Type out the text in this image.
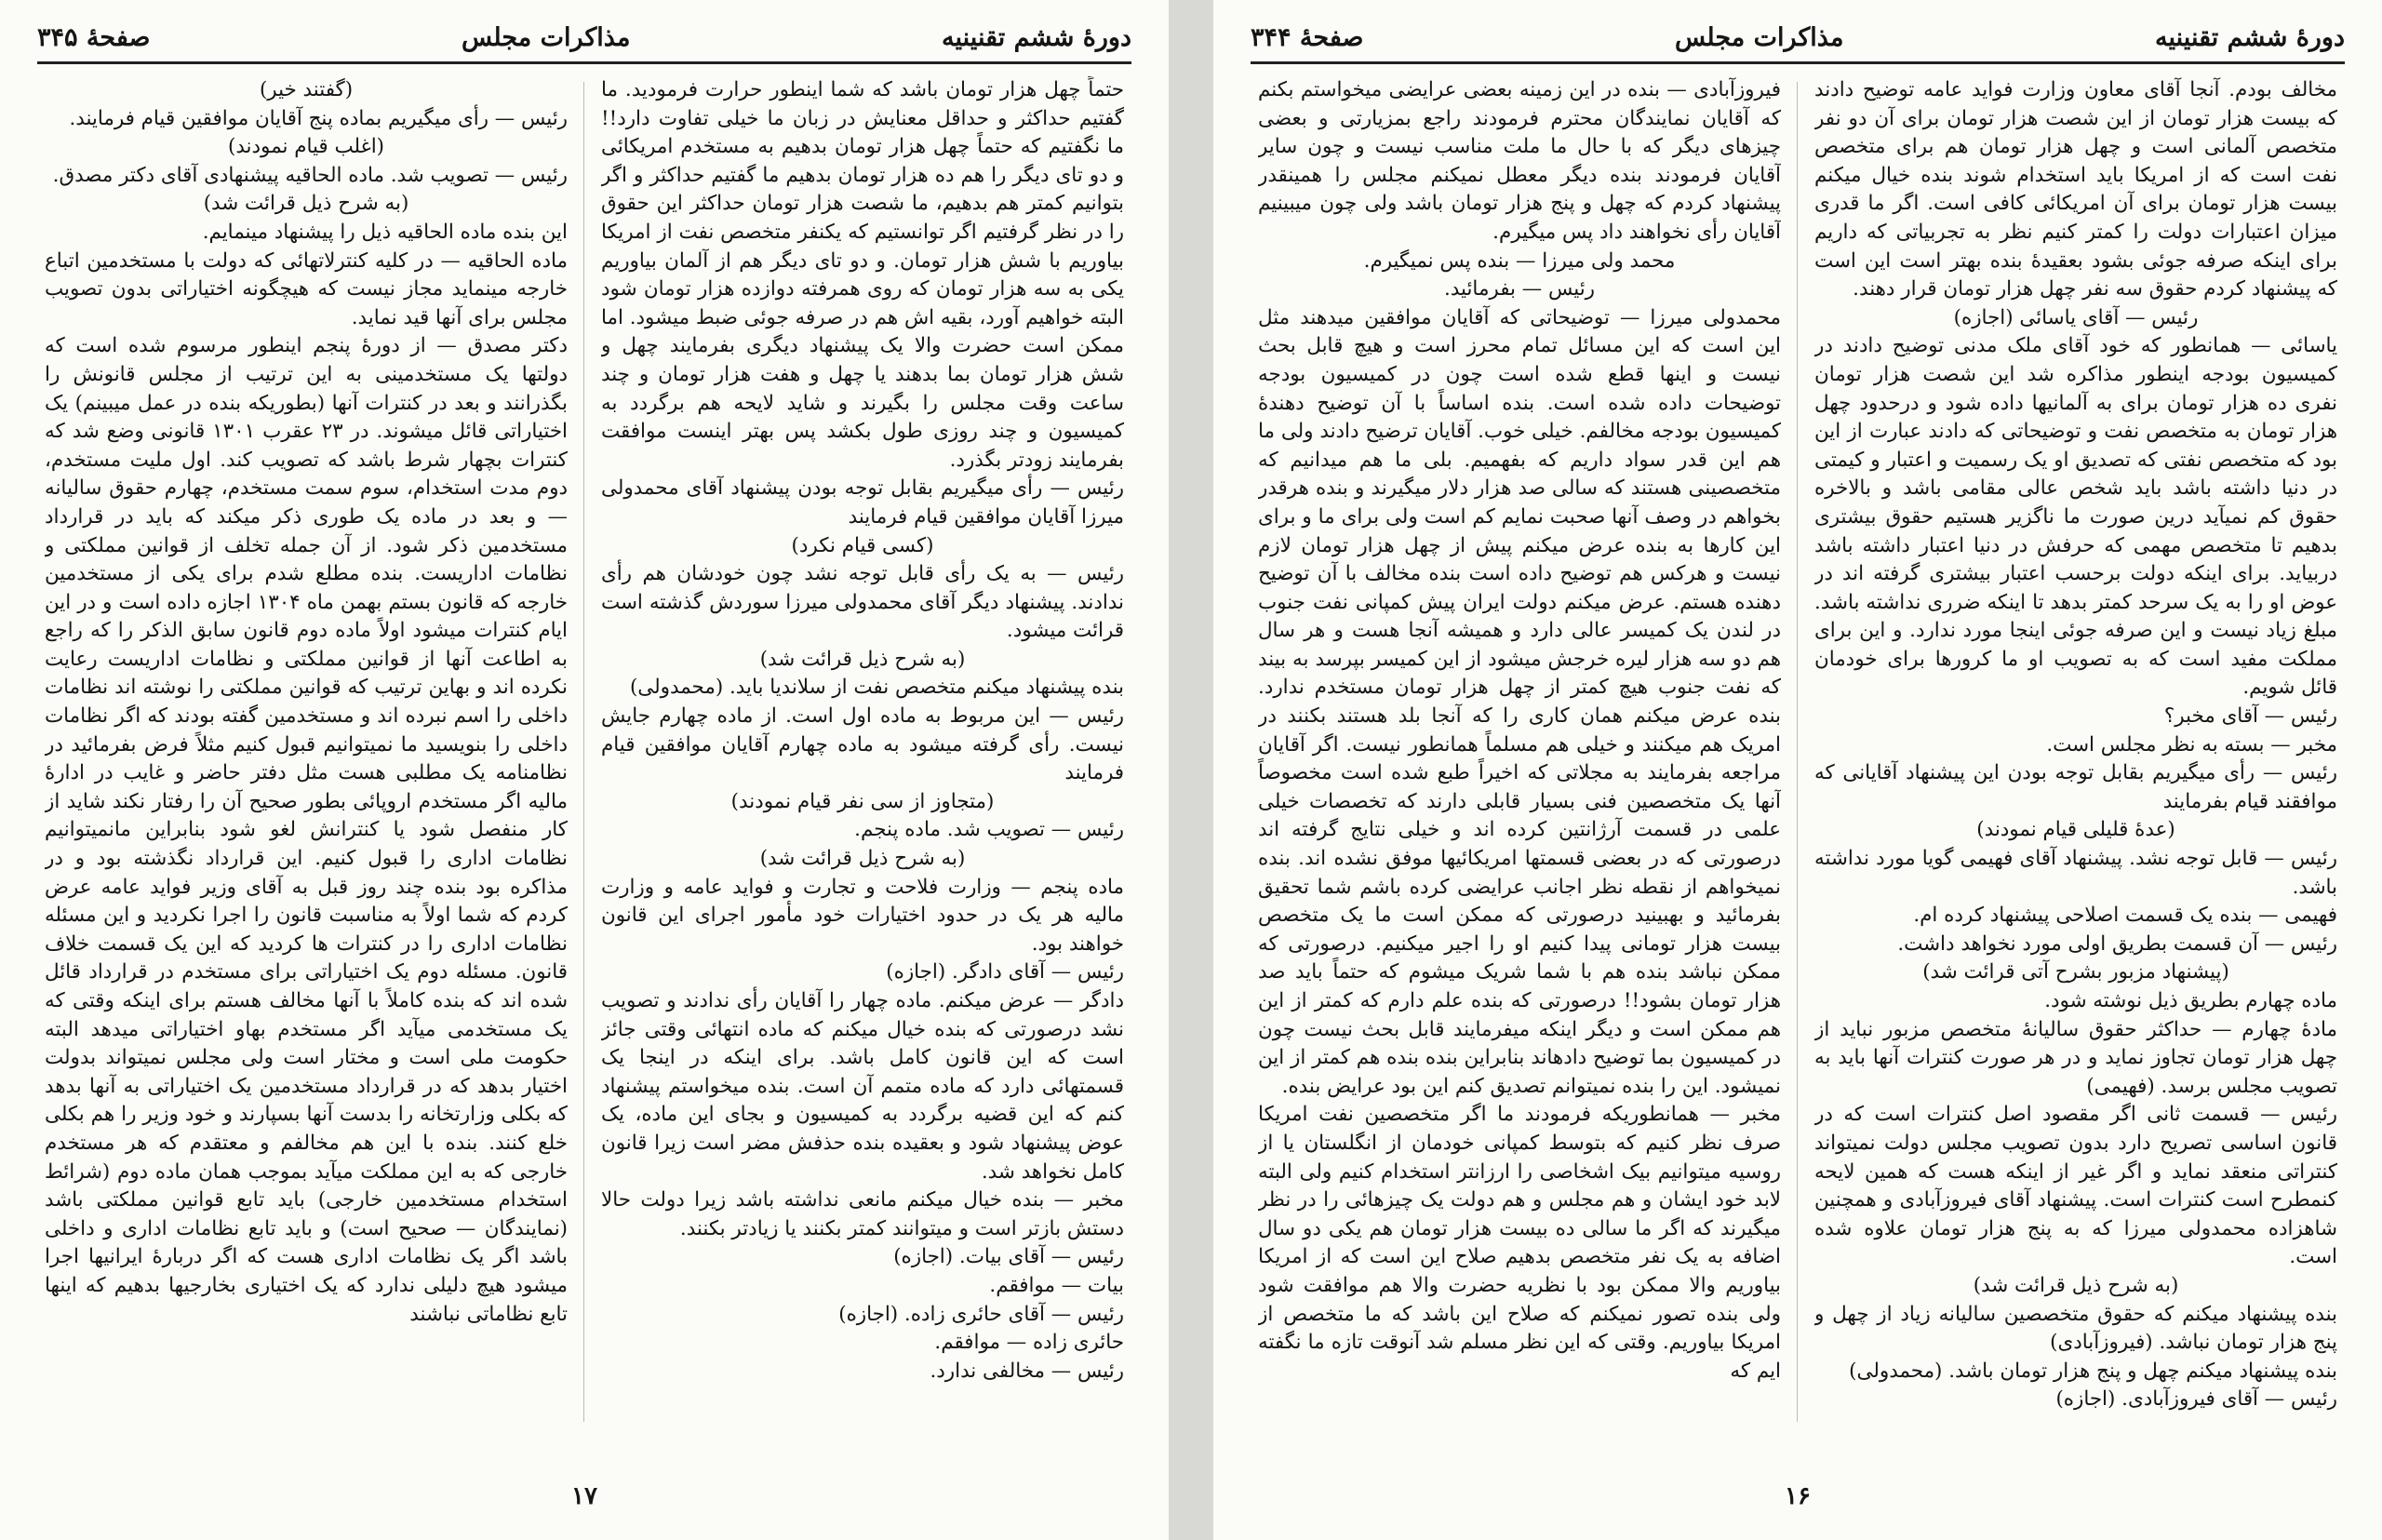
دورۀ ششم تقنینیه
مذاکرات مجلس
صفحۀ ۳۴۵

حتماً چهل هزار تومان باشد که شما اینطور حرارت فرمودید. ما گفتیم حداکثر و حداقل معنایش در زبان ما خیلی تفاوت دارد!! ما نگفتیم که حتماً چهل هزار تومان بدهیم به مستخدم امریکائی و دو تای دیگر را هم ده هزار تومان بدهیم ما گفتیم حداکثر و اگر بتوانیم کمتر هم بدهیم، ما شصت هزار تومان حداکثر این حقوق را در نظر گرفتیم اگر توانستیم که یکنفر متخصص نفت از امریکا بیاوریم با شش هزار تومان. و دو تای دیگر هم از آلمان بیاوریم یکی به سه هزار تومان که روی همرفته دوازده هزار تومان شود البته خواهیم آورد، بقیه اش هم در صرفه جوئی ضبط میشود. اما ممکن است حضرت والا یک پیشنهاد دیگری بفرمایند چهل و شش هزار تومان بما بدهند یا چهل و هفت هزار تومان و چند ساعت وقت مجلس را بگیرند و شاید لایحه هم برگردد به کمیسیون و چند روزی طول بکشد پس بهتر اینست موافقت بفرمایند زودتر بگذرد.

رئیس — رأی میگیریم بقابل توجه بودن پیشنهاد آقای محمدولی میرزا آقایان موافقین قیام فرمایند

(کسی قیام نکرد)

رئیس — به یک رأی قابل توجه نشد چون خودشان هم رأی ندادند. پیشنهاد دیگر آقای محمدولی میرزا سوردش گذشته است قرائت میشود.

(به شرح ذیل قرائت شد)

بنده پیشنهاد میکنم متخصص نفت از سلاندیا باید. (محمدولی)

رئیس — این مربوط به ماده اول است. از ماده چهارم جایش نیست. رأی گرفته میشود به ماده چهارم آقایان موافقین قیام فرمایند

(متجاوز از سی نفر قیام نمودند)

رئیس — تصویب شد. ماده پنجم.

(به شرح ذیل قرائت شد)

ماده پنجم — وزارت فلاحت و تجارت و فواید عامه و وزارت مالیه هر یک در حدود اختیارات خود مأمور اجرای این قانون خواهند بود.

رئیس — آقای دادگر. (اجازه)

دادگر — عرض میکنم. ماده چهار را آقایان رأی ندادند و تصویب نشد درصورتی که بنده خیال میکنم که ماده انتهائی وقتی جائز است که این قانون کامل باشد. برای اینکه در اینجا یک قسمتهائی دارد که ماده متمم آن است. بنده میخواستم پیشنهاد کنم که این قضیه برگردد به کمیسیون و بجای این ماده، یک عوض پیشنهاد شود و بعقیده بنده حذفش مضر است زیرا قانون کامل نخواهد شد.

مخبر — بنده خیال میکنم مانعی نداشته باشد زیرا دولت حالا دستش بازتر است و میتوانند کمتر بکنند یا زیادتر بکنند.

رئیس — آقای بیات. (اجازه)

بیات — موافقم.

رئیس — آقای حائری زاده. (اجازه)

حائری زاده — موافقم.

رئیس — مخالفی ندارد.

(گفتند خیر)

رئیس — رأی میگیریم بماده پنج آقایان موافقین قیام فرمایند.

(اغلب قیام نمودند)

رئیس — تصویب شد. ماده الحاقیه پیشنهادی آقای دکتر مصدق.

(به شرح ذیل قرائت شد)

این بنده ماده الحاقیه ذیل را پیشنهاد مینمایم.

ماده الحاقیه — در کلیه کنترلاتهائی که دولت با مستخدمین اتباع خارجه مینماید مجاز نیست که هیچگونه اختیاراتی بدون تصویب مجلس برای آنها قید نماید.

دکتر مصدق — از دورۀ پنجم اینطور مرسوم شده است که دولتها یک مستخدمینی به این ترتیب از مجلس قانونش را بگذرانند و بعد در کنترات آنها (بطوریکه بنده در عمل میبینم) یک اختیاراتی قائل میشوند. در ۲۳ عقرب ۱۳۰۱ قانونی وضع شد که کنترات بچهار شرط باشد که تصویب کند. اول ملیت مستخدم، دوم مدت استخدام، سوم سمت مستخدم، چهارم حقوق سالیانه — و بعد در ماده یک طوری ذکر میکند که باید در قرارداد مستخدمین ذکر شود. از آن جمله تخلف از قوانین مملکتی و نظامات اداریست. بنده مطلع شدم برای یکی از مستخدمین خارجه که قانون بستم بهمن ماه ۱۳۰۴ اجازه داده است و در این ایام کنترات میشود اولاً ماده دوم قانون سابق الذکر را که راجع به اطاعت آنها از قوانین مملکتی و نظامات اداریست رعایت نکرده اند و بهاین ترتیب که قوانین مملکتی را نوشته اند نظامات داخلی را اسم نبرده اند و مستخدمین گفته بودند که اگر نظامات داخلی را بنویسید ما نمیتوانیم قبول کنیم مثلاً فرض بفرمائید در نظامنامه یک مطلبی هست مثل دفتر حاضر و غایب در ادارۀ مالیه اگر مستخدم اروپائی بطور صحیح آن را رفتار نکند شاید از کار منفصل شود یا کنترانش لغو شود بنابراین مانمیتوانیم نظامات اداری را قبول کنیم. این قرارداد نگذشته بود و در مذاکره بود بنده چند روز قبل به آقای وزیر فواید عامه عرض کردم که شما اولاً به مناسبت قانون را اجرا نکردید و این مسئله نظامات اداری را در کنترات ها کردید که این یک قسمت خلاف قانون. مسئله دوم یک اختیاراتی برای مستخدم در قرارداد قائل شده اند که بنده کاملاً با آنها مخالف هستم برای اینکه وقتی که یک مستخدمی میآید اگر مستخدم بهاو اختیاراتی میدهد البته حکومت ملی است و مختار است ولی مجلس نمیتواند بدولت اختیار بدهد که در قرارداد مستخدمین یک اختیاراتی به آنها بدهد که بکلی وزارتخانه را بدست آنها بسپارند و خود وزیر را هم بکلی خلع کنند. بنده با این هم مخالفم و معتقدم که هر مستخدم خارجی که به این مملکت میآید بموجب همان ماده دوم (شرائط استخدام مستخدمین خارجی) باید تابع قوانین مملکتی باشد (نمایندگان — صحیح است) و باید تابع نظامات اداری و داخلی باشد اگر یک نظامات اداری هست که اگر دربارۀ ایرانیها اجرا میشود هیچ دلیلی ندارد که یک اختیاری بخارجیها بدهیم که اینها تابع نظاماتی نباشند

۱۷
دورۀ ششم تقنینیه
مذاکرات مجلس
صفحۀ ۳۴۴

مخالف بودم. آنجا آقای معاون وزارت فواید عامه توضیح دادند که بیست هزار تومان از این شصت هزار تومان برای آن دو نفر متخصص آلمانی است و چهل هزار تومان هم برای متخصص نفت است که از امریکا باید استخدام شوند بنده خیال میکنم بیست هزار تومان برای آن امریکائی کافی است. اگر ما قدری میزان اعتبارات دولت را کمتر کنیم نظر به تجربیاتی که داریم برای اینکه صرفه جوئی بشود بعقیدۀ بنده بهتر است این است که پیشنهاد کردم حقوق سه نفر چهل هزار تومان قرار دهند.

رئیس — آقای یاسائی (اجازه)

یاسائی — همانطور که خود آقای ملک مدنی توضیح دادند در کمیسیون بودجه اینطور مذاکره شد این شصت هزار تومان نفری ده هزار تومان برای به آلمانیها داده شود و درحدود چهل هزار تومان به متخصص نفت و توضیحاتی که دادند عبارت از این بود که متخصص نفتی که تصدیق او یک رسمیت و اعتبار و کیمتی در دنیا داشته باشد باید شخص عالی مقامی باشد و بالاخره حقوق کم نمیآید درین صورت ما ناگزیر هستیم حقوق بیشتری بدهیم تا متخصص مهمی که حرفش در دنیا اعتبار داشته باشد دربیاید. برای اینکه دولت برحسب اعتبار بیشتری گرفته اند در عوض او را به یک سرحد کمتر بدهد تا اینکه ضرری نداشته باشد. مبلغ زیاد نیست و این صرفه جوئی اینجا مورد ندارد. و این برای مملکت مفید است که به تصویب او ما کرورها برای خودمان قائل شویم.

رئیس — آقای مخبر؟

مخبر — بسته به نظر مجلس است.

رئیس — رأی میگیریم بقابل توجه بودن این پیشنهاد آقایانی که موافقند قیام بفرمایند

(عدۀ قلیلی قیام نمودند)

رئیس — قابل توجه نشد. پیشنهاد آقای فهیمی گویا مورد نداشته باشد.

فهیمی — بنده یک قسمت اصلاحی پیشنهاد کرده ام.

رئیس — آن قسمت بطریق اولی مورد نخواهد داشت.

(پیشنهاد مزبور بشرح آتی قرائت شد)

ماده چهارم بطریق ذیل نوشته شود.

مادۀ چهارم — حداکثر حقوق سالیانۀ متخصص مزبور نباید از چهل هزار تومان تجاوز نماید و در هر صورت کنترات آنها باید به تصویب مجلس برسد. (فهیمی)

رئیس — قسمت ثانی اگر مقصود اصل کنترات است که در قانون اساسی تصریح دارد بدون تصویب مجلس دولت نمیتواند کنتراتی منعقد نماید و اگر غیر از اینکه هست که همین لایحه کنمطرح است کنترات است. پیشنهاد آقای فیروزآبادی و همچنین شاهزاده محمدولی میرزا که به پنج هزار تومان علاوه شده است.

(به شرح ذیل قرائت شد)

بنده پیشنهاد میکنم که حقوق متخصصین سالیانه زیاد از چهل و پنج هزار تومان نباشد. (فیروزآبادی)

بنده پیشنهاد میکنم چهل و پنج هزار تومان باشد. (محمدولی)

رئیس — آقای فیروزآبادی. (اجازه)

فیروزآبادی — بنده در این زمینه بعضی عرایضی میخواستم بکنم که آقایان نمایندگان محترم فرمودند راجع بمزیارتی و بعضی چیزهای دیگر که با حال ما ملت مناسب نیست و چون سایر آقایان فرمودند بنده دیگر معطل نمیکنم مجلس را همینقدر پیشنهاد کردم که چهل و پنج هزار تومان باشد ولی چون میبینیم آقایان رأی نخواهند داد پس میگیرم.

محمد ولی میرزا — بنده پس نمیگیرم.

رئیس — بفرمائید.

محمدولی میرزا — توضیحاتی که آقایان موافقین میدهند مثل این است که این مسائل تمام محرز است و هیچ قابل بحث نیست و اینها قطع شده است چون در کمیسیون بودجه توضیحات داده شده است. بنده اساساً با آن توضیح دهندۀ کمیسیون بودجه مخالفم. خیلی خوب. آقایان ترضیح دادند ولی ما هم این قدر سواد داریم که بفهمیم. بلی ما هم میدانیم که متخصصینی هستند که سالی صد هزار دلار میگیرند و بنده هرقدر بخواهم در وصف آنها صحبت نمایم کم است ولی برای ما و برای این کارها به بنده عرض میکنم پیش از چهل هزار تومان لازم نیست و هرکس هم توضیح داده است بنده مخالف با آن توضیح دهنده هستم. عرض میکنم دولت ایران پیش کمپانی نفت جنوب در لندن یک کمیسر عالی دارد و همیشه آنجا هست و هر سال هم دو سه هزار لیره خرجش میشود از این کمیسر بپرسد به بیند که نفت جنوب هیچ کمتر از چهل هزار تومان مستخدم ندارد. بنده عرض میکنم همان کاری را که آنجا بلد هستند بکنند در امریک هم میکنند و خیلی هم مسلماً همانطور نیست. اگر آقایان مراجعه بفرمایند به مجلاتی که اخیراً طبع شده است مخصوصاً آنها یک متخصصین فنی بسیار قابلی دارند که تخصصات خیلی علمی در قسمت آرژانتین کرده اند و خیلی نتایج گرفته اند درصورتی که در بعضی قسمتها امریکائیها موفق نشده اند. بنده نمیخواهم از نقطه نظر اجانب عرایضی کرده باشم شما تحقیق بفرمائید و بهبینید درصورتی که ممکن است ما یک متخصص بیست هزار تومانی پیدا کنیم او را اجیر میکنیم. درصورتی که ممکن نباشد بنده هم با شما شریک میشوم که حتماً باید صد هزار تومان بشود!! درصورتی که بنده علم دارم که کمتر از این هم ممکن است و دیگر اینکه میفرمایند قابل بحث نیست چون در کمیسیون بما توضیح دادهاند بنابراین بنده بنده هم کمتر از این نمیشود. این را بنده نمیتوانم تصدیق کنم این بود عرایض بنده.

مخبر — همانطوریکه فرمودند ما اگر متخصصین نفت امریکا صرف نظر کنیم که بتوسط کمپانی خودمان از انگلستان یا از روسیه میتوانیم بیک اشخاصی را ارزانتر استخدام کنیم ولی البته لابد خود ایشان و هم مجلس و هم دولت یک چیزهائی را در نظر میگیرند که اگر ما سالی ده بیست هزار تومان هم یکی دو سال اضافه به یک نفر متخصص بدهیم صلاح این است که از امریکا بیاوریم والا ممکن بود با نظریه حضرت والا هم موافقت شود ولی بنده تصور نمیکنم که صلاح این باشد که ما متخصص از امریکا بیاوریم. وقتی که این نظر مسلم شد آنوقت تازه ما نگفته ایم که

۱۶
